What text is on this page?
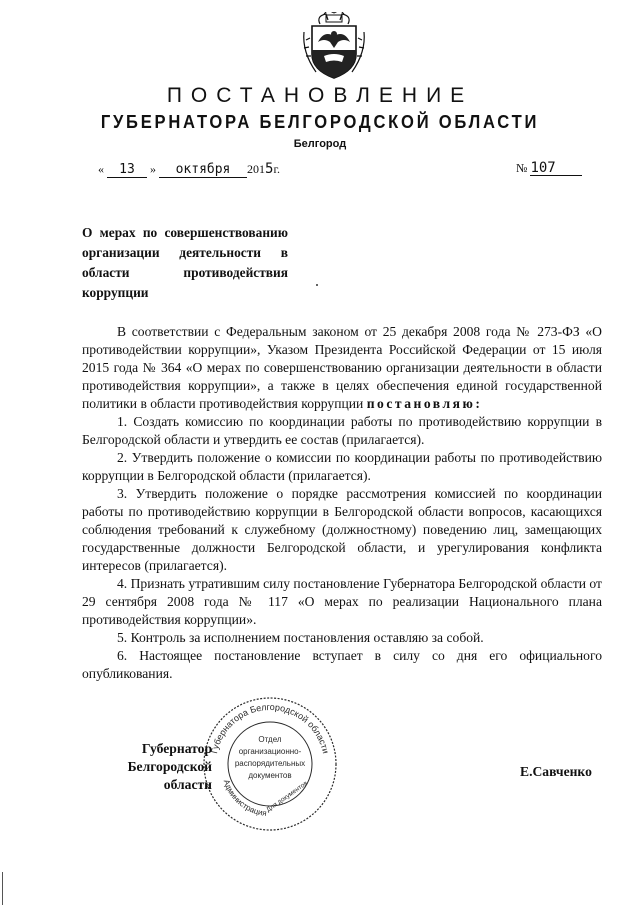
ПОСТАНОВЛЕНИЕ
ГУБЕРНАТОРА БЕЛГОРОДСКОЙ ОБЛАСТИ
Белгород
« 13 » октября 2015г.	№ 107
О мерах по совершенствованию организации деятельности в области противодействия коррупции

В соответствии с Федеральным законом от 25 декабря 2008 года № 273-ФЗ «О противодействии коррупции», Указом Президента Российской Федерации от 15 июля 2015 года № 364 «О мерах по совершенствованию организации деятельности в области противодействия коррупции», а также в целях обеспечения единой государственной политики в области противодействия коррупции постановляю:

1. Создать комиссию по координации работы по противодействию коррупции в Белгородской области и утвердить ее состав (прилагается).

2. Утвердить положение о комиссии по координации работы по противодействию коррупции в Белгородской области (прилагается).

3. Утвердить положение о порядке рассмотрения комиссией по координации работы по противодействию коррупции в Белгородской области вопросов, касающихся соблюдения требований к служебному (должностному) поведению лиц, замещающих государственные должности Белгородской области, и урегулирования конфликта интересов (прилагается).

4. Признать утратившим силу постановление Губернатора Белгородской области от 29 сентября 2008 года № 117 «О мерах по реализации Национального плана противодействия коррупции».

5. Контроль за исполнением постановления оставляю за собой.

6. Настоящее постановление вступает в силу со дня его официального опубликования.

Губернатор Белгородской области
Е.Савченко
Губернатора Белгородской области
Администрация
Отдел
организационно-
распорядительных
документов
Для документов
